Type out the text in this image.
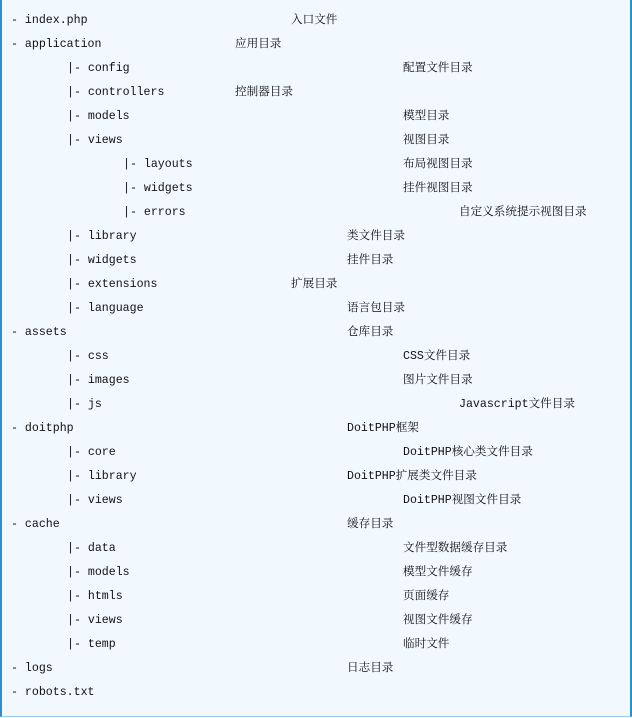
- index.php	入口文件
- application	应用目录
|- config	配置文件目录
|- controllers	控制器目录
|- models	模型目录
|- views	视图目录
|- layouts	布局视图目录
|- widgets	挂件视图目录
|- errors	自定义系统提示视图目录
|- library	类文件目录
|- widgets	挂件目录
|- extensions	扩展目录
|- language	语言包目录
- assets	仓库目录
|- css	CSS文件目录
|- images	图片文件目录
|- js	Javascript文件目录
- doitphp	DoitPHP框架
|- core	DoitPHP核心类文件目录
|- library	DoitPHP扩展类文件目录
|- views	DoitPHP视图文件目录
- cache	缓存目录
|- data	文件型数据缓存目录
|- models	模型文件缓存
|- htmls	页面缓存
|- views	视图文件缓存
|- temp	临时文件
- logs	日志目录
- robots.txt
